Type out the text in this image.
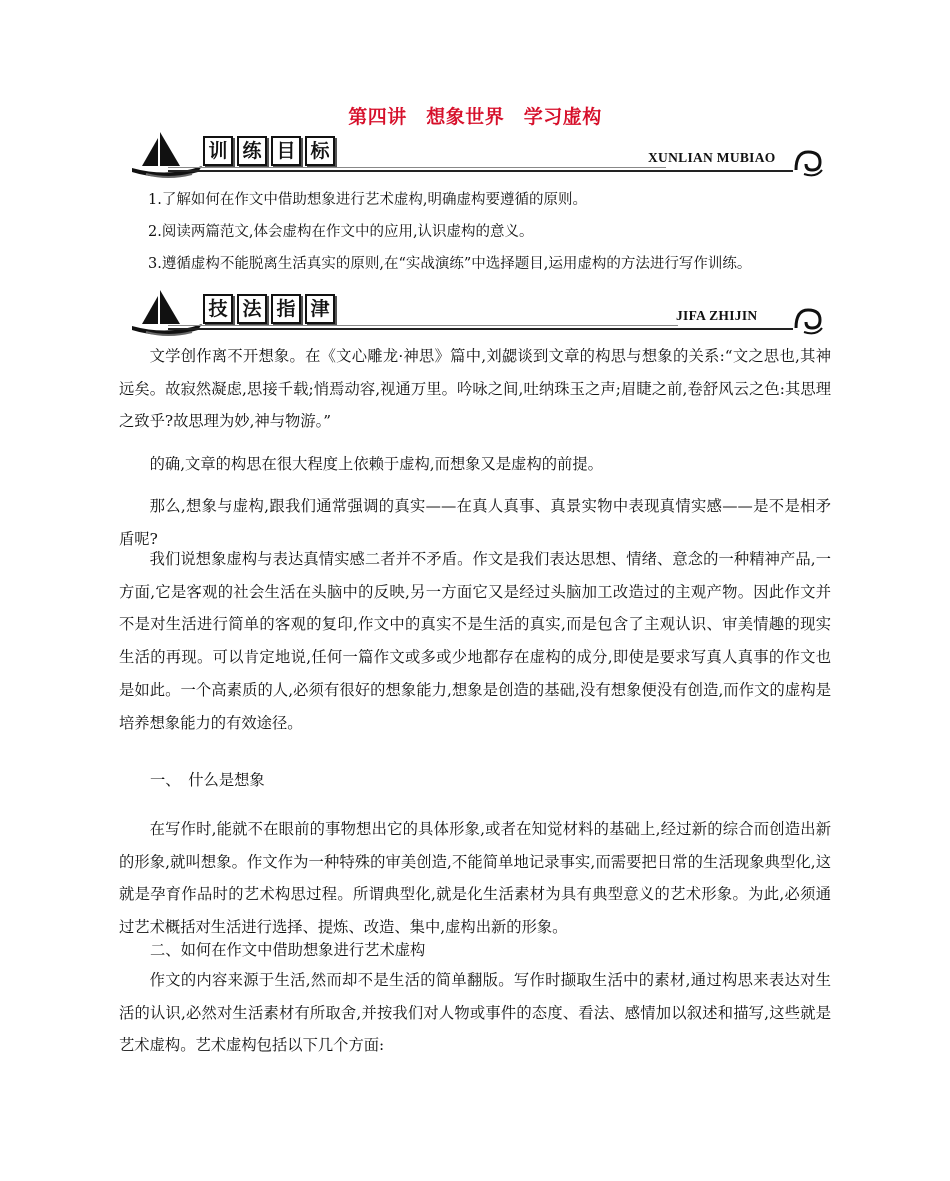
第四讲　想象世界　学习虚构
训 练 目 标	XUNLIAN MUBIAO
1.了解如何在作文中借助想象进行艺术虚构,明确虚构要遵循的原则。
2.阅读两篇范文,体会虚构在作文中的应用,认识虚构的意义。
3.遵循虚构不能脱离生活真实的原则,在“实战演练”中选择题目,运用虚构的方法进行写作训练。
技 法 指 津	JIFA ZHIJIN
文学创作离不开想象。在《文心雕龙·神思》篇中,刘勰谈到文章的构思与想象的关系:“文之思也,其神远矣。故寂然凝虑,思接千载;悄焉动容,视通万里。吟咏之间,吐纳珠玉之声;眉睫之前,卷舒风云之色:其思理之致乎?故思理为妙,神与物游。”
的确,文章的构思在很大程度上依赖于虚构,而想象又是虚构的前提。
那么,想象与虚构,跟我们通常强调的真实——在真人真事、真景实物中表现真情实感——是不是相矛盾呢?
我们说想象虚构与表达真情实感二者并不矛盾。作文是我们表达思想、情绪、意念的一种精神产品,一方面,它是客观的社会生活在头脑中的反映,另一方面它又是经过头脑加工改造过的主观产物。因此作文并不是对生活进行简单的客观的复印,作文中的真实不是生活的真实,而是包含了主观认识、审美情趣的现实生活的再现。可以肯定地说,任何一篇作文或多或少地都存在虚构的成分,即使是要求写真人真事的作文也是如此。一个高素质的人,必须有很好的想象能力,想象是创造的基础,没有想象便没有创造,而作文的虚构是培养想象能力的有效途径。
一、　什么是想象
在写作时,能就不在眼前的事物想出它的具体形象,或者在知觉材料的基础上,经过新的综合而创造出新的形象,就叫想象。作文作为一种特殊的审美创造,不能简单地记录事实,而需要把日常的生活现象典型化,这就是孕育作品时的艺术构思过程。所谓典型化,就是化生活素材为具有典型意义的艺术形象。为此,必须通过艺术概括对生活进行选择、提炼、改造、集中,虚构出新的形象。
二、如何在作文中借助想象进行艺术虚构
作文的内容来源于生活,然而却不是生活的简单翻版。写作时撷取生活中的素材,通过构思来表达对生活的认识,必然对生活素材有所取舍,并按我们对人物或事件的态度、看法、感情加以叙述和描写,这些就是艺术虚构。艺术虚构包括以下几个方面:
